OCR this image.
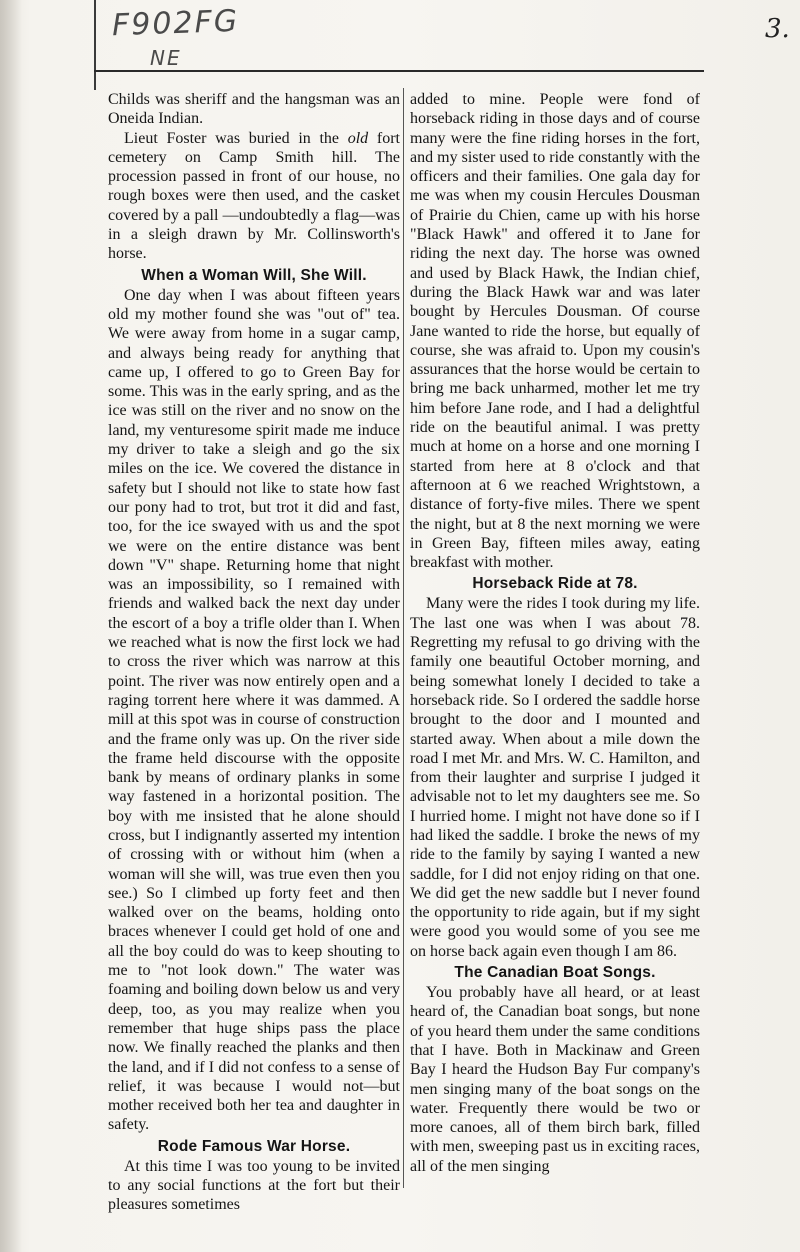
F902FG
NE
3.

Childs was sheriff and the hangsman was an Oneida Indian.

Lieut Foster was buried in the old fort cemetery on Camp Smith hill. The procession passed in front of our house, no rough boxes were then used, and the casket covered by a pall —undoubtedly a flag—was in a sleigh drawn by Mr. Collinsworth's horse.

When a Woman Will, She Will.

One day when I was about fifteen years old my mother found she was "out of" tea. We were away from home in a sugar camp, and always being ready for anything that came up, I offered to go to Green Bay for some. This was in the early spring, and as the ice was still on the river and no snow on the land, my venturesome spirit made me induce my driver to take a sleigh and go the six miles on the ice. We covered the distance in safety but I should not like to state how fast our pony had to trot, but trot it did and fast, too, for the ice swayed with us and the spot we were on the entire distance was bent down "V" shape. Returning home that night was an impossibility, so I remained with friends and walked back the next day under the escort of a boy a trifle older than I. When we reached what is now the first lock we had to cross the river which was narrow at this point. The river was now entirely open and a raging torrent here where it was dammed. A mill at this spot was in course of construction and the frame only was up. On the river side the frame held discourse with the opposite bank by means of ordinary planks in some way fastened in a horizontal position. The boy with me insisted that he alone should cross, but I indignantly asserted my intention of crossing with or without him (when a woman will she will, was true even then you see.) So I climbed up forty feet and then walked over on the beams, holding onto braces whenever I could get hold of one and all the boy could do was to keep shouting to me to "not look down." The water was foaming and boiling down below us and very deep, too, as you may realize when you remember that huge ships pass the place now. We finally reached the planks and then the land, and if I did not confess to a sense of relief, it was because I would not—but mother received both her tea and daughter in safety.

Rode Famous War Horse.

At this time I was too young to be invited to any social functions at the fort but their pleasures sometimes

added to mine. People were fond of horseback riding in those days and of course many were the fine riding horses in the fort, and my sister used to ride constantly with the officers and their families. One gala day for me was when my cousin Hercules Dousman of Prairie du Chien, came up with his horse "Black Hawk" and offered it to Jane for riding the next day. The horse was owned and used by Black Hawk, the Indian chief, during the Black Hawk war and was later bought by Hercules Dousman. Of course Jane wanted to ride the horse, but equally of course, she was afraid to. Upon my cousin's assurances that the horse would be certain to bring me back unharmed, mother let me try him before Jane rode, and I had a delightful ride on the beautiful animal. I was pretty much at home on a horse and one morning I started from here at 8 o'clock and that afternoon at 6 we reached Wrightstown, a distance of forty-five miles. There we spent the night, but at 8 the next morning we were in Green Bay, fifteen miles away, eating breakfast with mother.

Horseback Ride at 78.

Many were the rides I took during my life. The last one was when I was about 78. Regretting my refusal to go driving with the family one beautiful October morning, and being somewhat lonely I decided to take a horseback ride. So I ordered the saddle horse brought to the door and I mounted and started away. When about a mile down the road I met Mr. and Mrs. W. C. Hamilton, and from their laughter and surprise I judged it advisable not to let my daughters see me. So I hurried home. I might not have done so if I had liked the saddle. I broke the news of my ride to the family by saying I wanted a new saddle, for I did not enjoy riding on that one. We did get the new saddle but I never found the opportunity to ride again, but if my sight were good you would some of you see me on horse back again even though I am 86.

The Canadian Boat Songs.

You probably have all heard, or at least heard of, the Canadian boat songs, but none of you heard them under the same conditions that I have. Both in Mackinaw and Green Bay I heard the Hudson Bay Fur company's men singing many of the boat songs on the water. Frequently there would be two or more canoes, all of them birch bark, filled with men, sweeping past us in exciting races, all of the men singing
